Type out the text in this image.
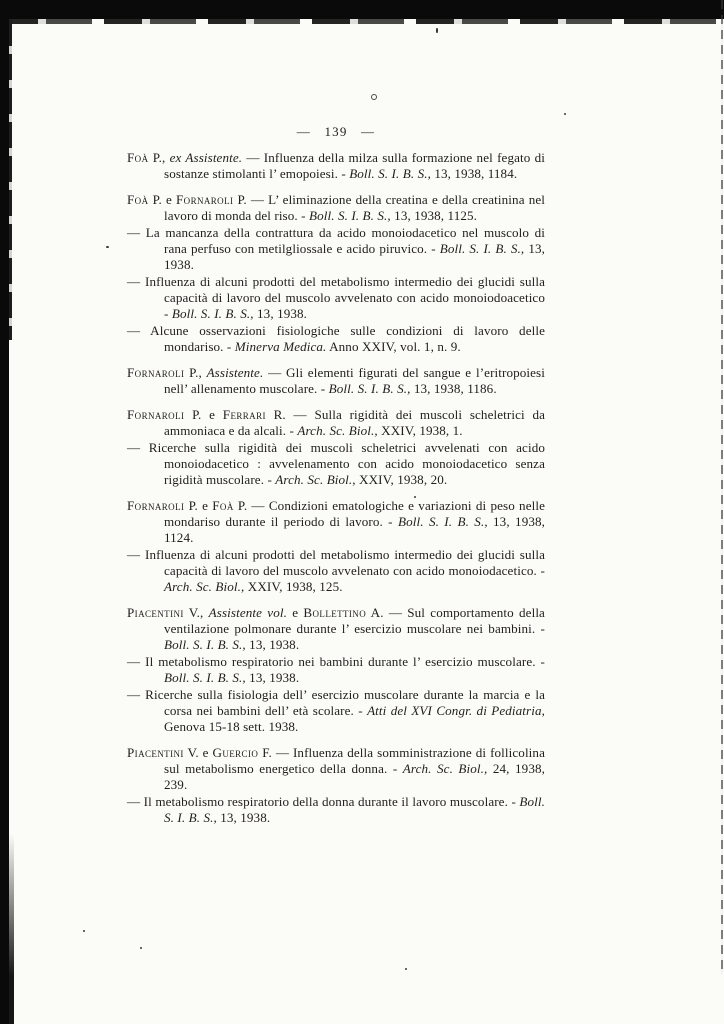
— 139 —

Foà P., ex Assistente. — Influenza della milza sulla formazione nel fegato di sostanze stimolanti l’ emopoiesi. - Boll. S. I. B. S., 13, 1938, 1184.

Foà P. e Fornaroli P. — L’ eliminazione della creatina e della creatinina nel lavoro di monda del riso. - Boll. S. I. B. S., 13, 1938, 1125.

— La mancanza della contrattura da acido monoiodacetico nel muscolo di rana perfuso con metilgliossale e acido piruvico. - Boll. S. I. B. S., 13, 1938.

— Influenza di alcuni prodotti del metabolismo intermedio dei glucidi sulla capacità di lavoro del muscolo avvelenato con acido monoiodoacetico - Boll. S. I. B. S., 13, 1938.

— Alcune osservazioni fisiologiche sulle condizioni di lavoro delle mondariso. - Minerva Medica. Anno XXIV, vol. 1, n. 9.

Fornaroli P., Assistente. — Gli elementi figurati del sangue e l’eritropoiesi nell’ allenamento muscolare. - Boll. S. I. B. S., 13, 1938, 1186.

Fornaroli P. e Ferrari R. — Sulla rigidità dei muscoli scheletrici da ammoniaca e da alcali. - Arch. Sc. Biol., XXIV, 1938, 1.

— Ricerche sulla rigidità dei muscoli scheletrici avvelenati con acido monoiodacetico : avvelenamento con acido monoiodacetico senza rigidità muscolare. - Arch. Sc. Biol., XXIV, 1938, 20.

Fornaroli P. e Foà P. — Condizioni ematologiche e variazioni di peso nelle mondariso durante il periodo di lavoro. - Boll. S. I. B. S., 13, 1938, 1124.

— Influenza di alcuni prodotti del metabolismo intermedio dei glucidi sulla capacità di lavoro del muscolo avvelenato con acido monoiodacetico. - Arch. Sc. Biol., XXIV, 1938, 125.

Piacentini V., Assistente vol. e Bollettino A. — Sul comportamento della ventilazione polmonare durante l’ esercizio muscolare nei bambini. - Boll. S. I. B. S., 13, 1938.

— Il metabolismo respiratorio nei bambini durante l’ esercizio muscolare. - Boll. S. I. B. S., 13, 1938.

— Ricerche sulla fisiologia dell’ esercizio muscolare durante la marcia e la corsa nei bambini dell’ età scolare. - Atti del XVI Congr. di Pediatria, Genova 15-18 sett. 1938.

Piacentini V. e Guercio F. — Influenza della somministrazione di follicolina sul metabolismo energetico della donna. - Arch. Sc. Biol., 24, 1938, 239.

— Il metabolismo respiratorio della donna durante il lavoro muscolare. - Boll. S. I. B. S., 13, 1938.
